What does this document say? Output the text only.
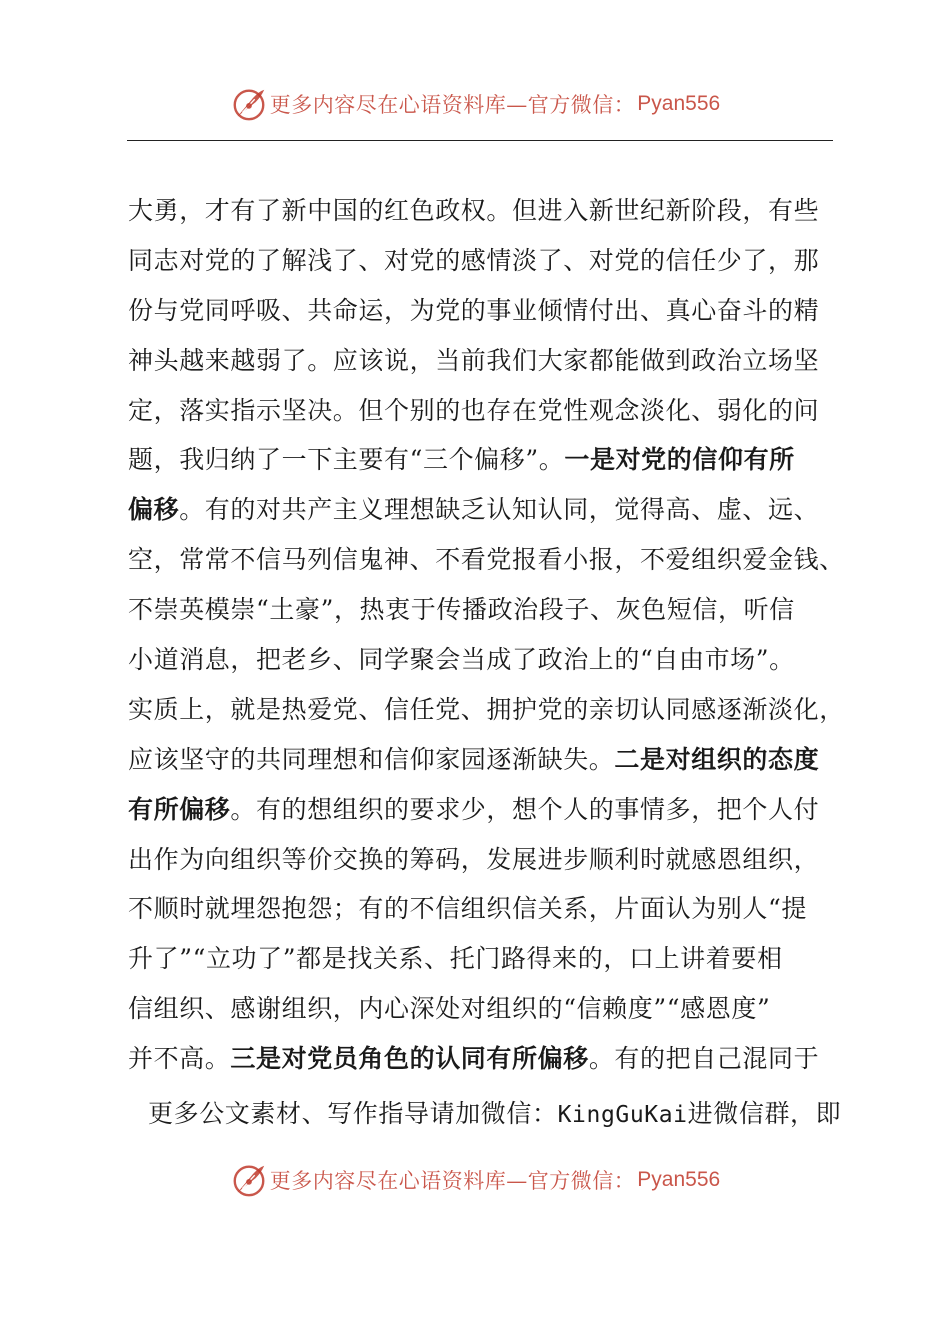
更多内容尽在心语资料库— 官方微信： Pyan556
大勇，才有了新中国的红色政权。但进入新世纪新阶段，有些
同志对党的了解浅了、对党的感情淡了、对党的信任少了，那
份与党同呼吸、共命运，为党的事业倾情付出、真心奋斗的精
神头越来越弱了。应该说，当前我们大家都能做到政治立场坚
定，落实指示坚决。但个别的也存在党性观念淡化、弱化的问
题，我归纳了一下主要有“三个偏移”。一是对党的信仰有所
偏移。有的对共产主义理想缺乏认知认同，觉得高、虚、远、
空，常常不信马列信鬼神、不看党报看小报，不爱组织爱金钱、
不崇英模崇“土豪”，热衷于传播政治段子、灰色短信，听信
小道消息，把老乡、同学聚会当成了政治上的“自由市场”。
实质上，就是热爱党、信任党、拥护党的亲切认同感逐渐淡化，
应该坚守的共同理想和信仰家园逐渐缺失。二是对组织的态度
有所偏移。有的想组织的要求少，想个人的事情多，把个人付
出作为向组织等价交换的筹码，发展进步顺利时就感恩组织，
不顺时就埋怨抱怨；有的不信组织信关系，片面认为别人“提
升了”“立功了”都是找关系、托门路得来的，口上讲着要相
信组织、感谢组织，内心深处对组织的“信赖度”“感恩度”
并不高。三是对党员角色的认同有所偏移。有的把自己混同于
更多公文素材、写作指导请加微信：KingGuKai进微信群，即
更多内容尽在心语资料库— 官方微信： Pyan556
